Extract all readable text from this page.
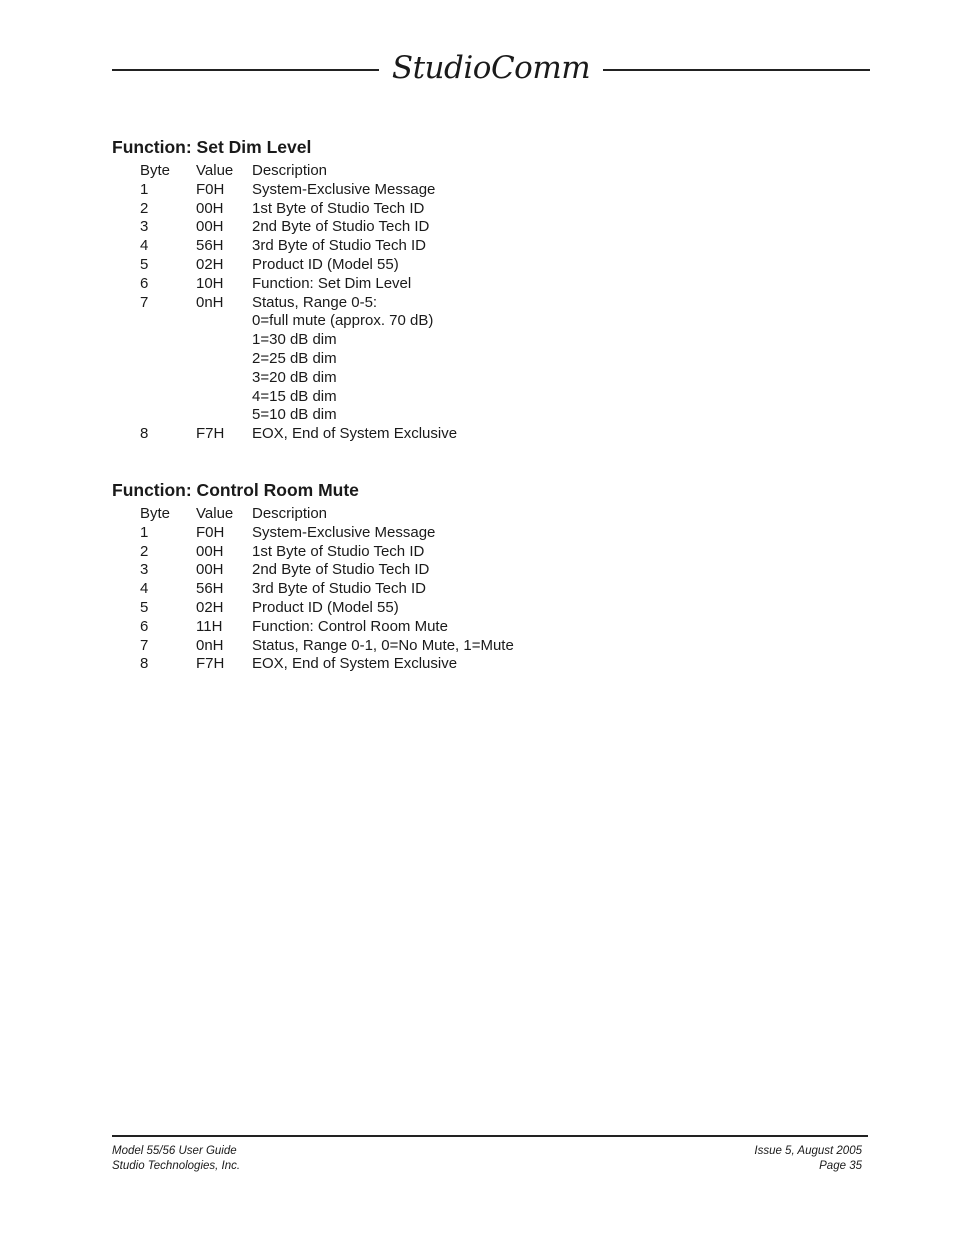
StudioComm
Function: Set Dim Level
Byte	Value	Description
1	F0H	System-Exclusive Message
2	00H	1st Byte of Studio Tech ID
3	00H	2nd Byte of Studio Tech ID
4	56H	3rd Byte of Studio Tech ID
5	02H	Product ID (Model 55)
6	10H	Function: Set Dim Level
7	0nH	Status, Range 0-5:
0=full mute (approx. 70 dB)
1=30 dB dim
2=25 dB dim
3=20 dB dim
4=15 dB dim
5=10 dB dim
8	F7H	EOX, End of System Exclusive
Function: Control Room Mute
Byte	Value	Description
1	F0H	System-Exclusive Message
2	00H	1st Byte of Studio Tech ID
3	00H	2nd Byte of Studio Tech ID
4	56H	3rd Byte of Studio Tech ID
5	02H	Product ID (Model 55)
6	11H	Function: Control Room Mute
7	0nH	Status, Range 0-1, 0=No Mute, 1=Mute
8	F7H	EOX, End of System Exclusive
Model 55/56 User Guide
Studio Technologies, Inc.
Issue 5, August 2005
Page 35
